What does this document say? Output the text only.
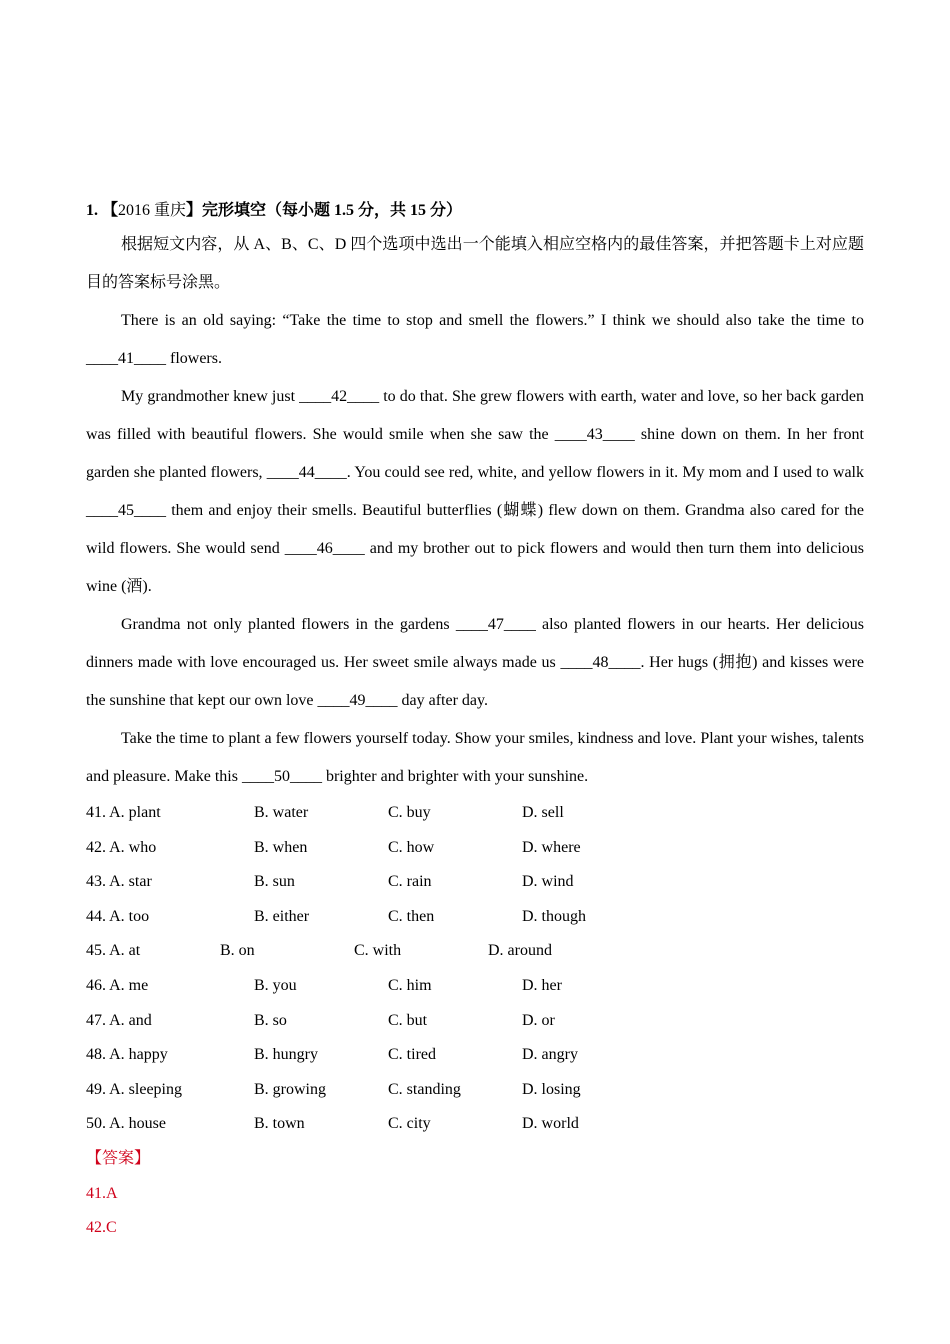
1. 【2016 重庆】完形填空（每小题 1.5 分，共 15 分）

根据短文内容，从 A、B、C、D 四个选项中选出一个能填入相应空格内的最佳答案，并把答题卡上对应题目的答案标号涂黑。

There is an old saying: “Take the time to stop and smell the flowers.” I think we should also take the time to ____41____ flowers.

My grandmother knew just ____42____ to do that. She grew flowers with earth, water and love, so her back garden was filled with beautiful flowers. She would smile when she saw the ____43____ shine down on them. In her front garden she planted flowers, ____44____. You could see red, white, and yellow flowers in it. My mom and I used to walk ____45____ them and enjoy their smells. Beautiful butterflies (蝴蝶) flew down on them. Grandma also cared for the wild flowers. She would send ____46____ and my brother out to pick flowers and would then turn them into delicious wine (酒).

Grandma not only planted flowers in the gardens ____47____ also planted flowers in our hearts. Her delicious dinners made with love encouraged us. Her sweet smile always made us ____48____. Her hugs (拥抱) and kisses were the sunshine that kept our own love ____49____ day after day.

Take the time to plant a few flowers yourself today. Show your smiles, kindness and love. Plant your wishes, talents and pleasure. Make this ____50____ brighter and brighter with your sunshine.

41. A. plant	B. water	C. buy	D. sell
42. A. who	B. when	C. how	D. where
43. A. star	B. sun	C. rain	D. wind
44. A. too	B. either	C. then	D. though
45. A. at	B. on	C. with	D. around
46. A. me	B. you	C. him	D. her
47. A. and	B. so	C. but	D. or
48. A. happy	B. hungry	C. tired	D. angry
49. A. sleeping	B. growing	C. standing	D. losing
50. A. house	B. town	C. city	D. world
【答案】
41.A
42.C
